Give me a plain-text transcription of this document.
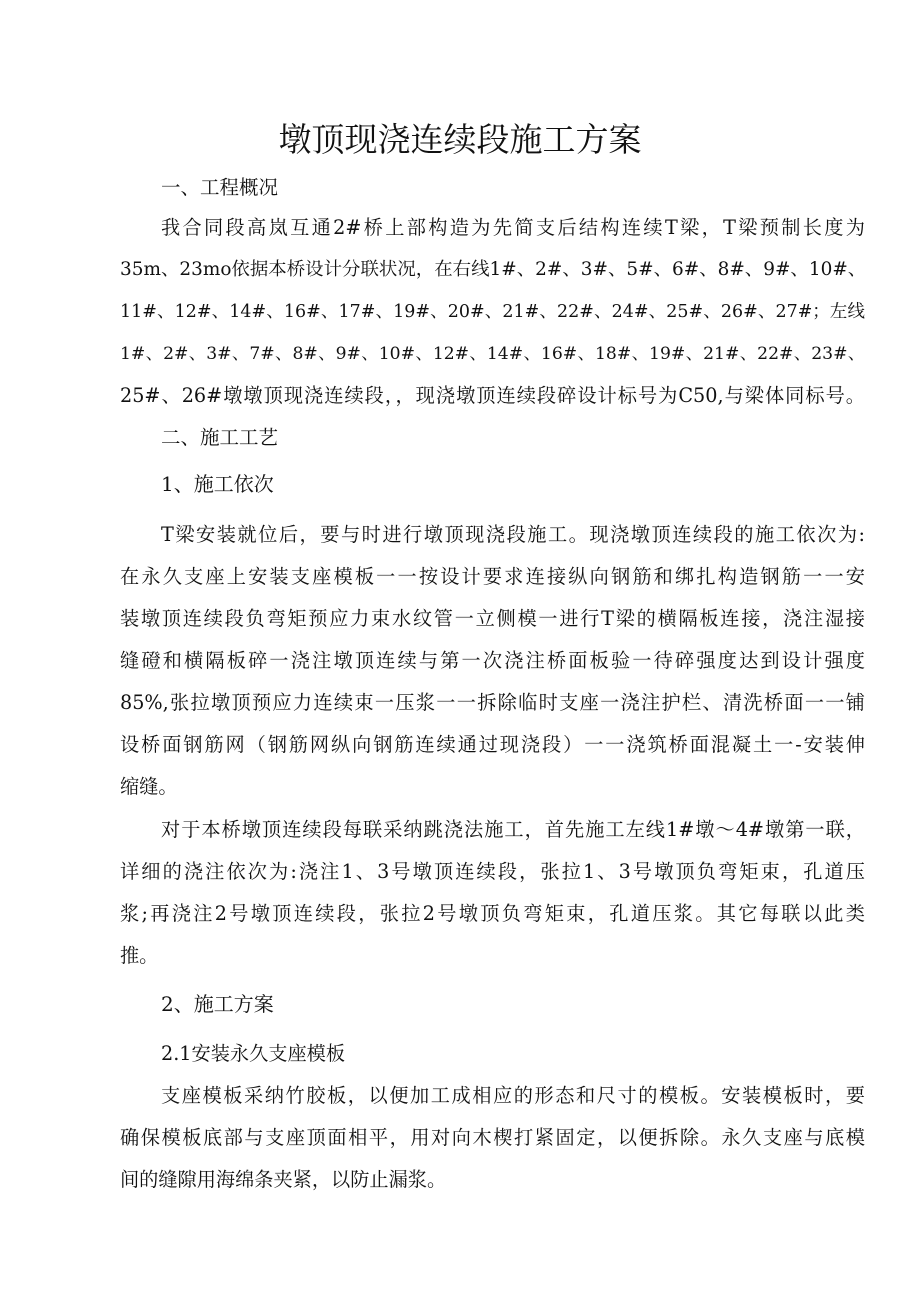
墩顶现浇连续段施工方案
一、工程概况
我合同段高岚互通2#桥上部构造为先简支后结构连续T梁，T梁预制长度为
35m、23mo依据本桥设计分联状况，在右线1#、2#、3#、5#、6#、8#、9#、10#、
11#、12#、14#、16#、17#、19#、20#、21#、22#、24#、25#、26#、27#；左线
1#、2#、3#、7#、8#、9#、10#、12#、14#、16#、18#、19#、21#、22#、23#、
25#、26#墩墩顶现浇连续段，，现浇墩顶连续段碎设计标号为C50,与梁体同标号。
二、施工工艺
1、施工依次
T梁安装就位后，要与时进行墩顶现浇段施工。现浇墩顶连续段的施工依次为:
在永久支座上安装支座模板一一按设计要求连接纵向钢筋和绑扎构造钢筋一一安
装墩顶连续段负弯矩预应力束水纹管一立侧模一进行T梁的横隔板连接，浇注湿接
缝磴和横隔板碎一浇注墩顶连续与第一次浇注桥面板验一待碎强度达到设计强度
85%,张拉墩顶预应力连续束一压浆一一拆除临时支座一浇注护栏、清洗桥面一一铺
设桥面钢筋网（钢筋网纵向钢筋连续通过现浇段）一一浇筑桥面混凝土一-安装伸
缩缝。
对于本桥墩顶连续段每联采纳跳浇法施工，首先施工左线1#墩～4#墩第一联，
详细的浇注依次为:浇注1、3号墩顶连续段，张拉1、3号墩顶负弯矩束，孔道压
浆;再浇注2号墩顶连续段，张拉2号墩顶负弯矩束，孔道压浆。其它每联以此类
推。
2、施工方案
2.1安装永久支座模板
支座模板采纳竹胶板，以便加工成相应的形态和尺寸的模板。安装模板时，要
确保模板底部与支座顶面相平，用对向木楔打紧固定，以便拆除。永久支座与底模
间的缝隙用海绵条夹紧，以防止漏浆。
